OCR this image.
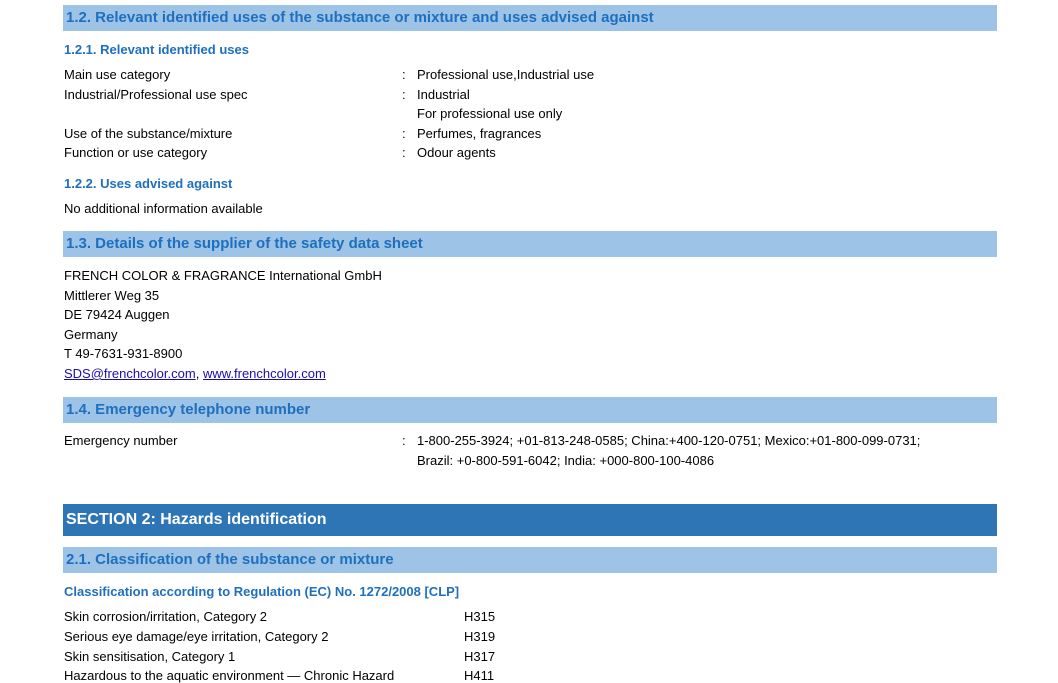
1.2. Relevant identified uses of the substance or mixture and uses advised against
1.2.1. Relevant identified uses
Main use category	: Professional use,Industrial use
Industrial/Professional use spec	: Industrial
For professional use only
Use of the substance/mixture	: Perfumes, fragrances
Function or use category	: Odour agents
1.2.2. Uses advised against
No additional information available
1.3. Details of the supplier of the safety data sheet
FRENCH COLOR & FRAGRANCE International GmbH
Mittlerer Weg 35
DE 79424 Auggen
Germany
T 49-7631-931-8900
SDS@frenchcolor.com, www.frenchcolor.com
1.4. Emergency telephone number
Emergency number	: 1-800-255-3924; +01-813-248-0585; China:+400-120-0751; Mexico:+01-800-099-0731;
Brazil: +0-800-591-6042; India: +000-800-100-4086
SECTION 2: Hazards identification
2.1. Classification of the substance or mixture
Classification according to Regulation (EC) No. 1272/2008 [CLP]
Skin corrosion/irritation, Category 2	H315
Serious eye damage/eye irritation, Category 2	H319
Skin sensitisation, Category 1	H317
Hazardous to the aquatic environment — Chronic Hazard	H411
